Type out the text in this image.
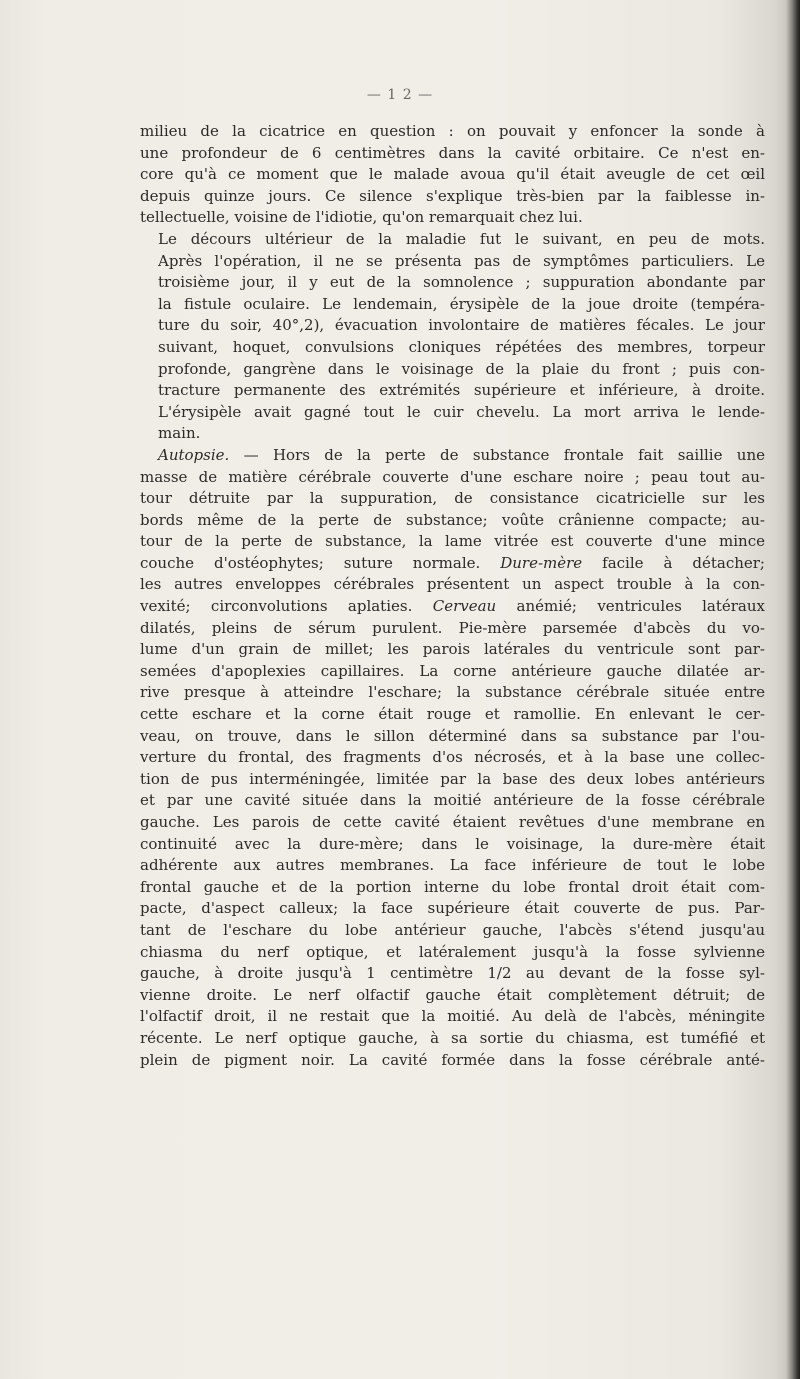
— 1 2 —

milieu de la cicatrice en question : on pouvait y enfoncer la sonde à
une profondeur de 6 centimètres dans la cavité orbitaire. Ce n'est en-
core qu'à ce moment que le malade avoua qu'il était aveugle de cet œil
depuis quinze jours. Ce silence s'explique très-bien par la faiblesse in-
tellectuelle, voisine de l'idiotie, qu'on remarquait chez lui.

Le décours ultérieur de la maladie fut le suivant, en peu de mots.
Après l'opération, il ne se présenta pas de symptômes particuliers. Le
troisième jour, il y eut de la somnolence ; suppuration abondante par
la fistule oculaire. Le lendemain, érysipèle de la joue droite (tempéra-
ture du soir, 40°,2), évacuation involontaire de matières fécales. Le jour
suivant, hoquet, convulsions cloniques répétées des membres, torpeur
profonde, gangrène dans le voisinage de la plaie du front ; puis con-
tracture permanente des extrémités supérieure et inférieure, à droite.
L'érysipèle avait gagné tout le cuir chevelu. La mort arriva le lende-
main.

Autopsie. — Hors de la perte de substance frontale fait saillie une
masse de matière cérébrale couverte d'une eschare noire ; peau tout au-
tour détruite par la suppuration, de consistance cicatricielle sur les
bords même de la perte de substance; voûte crânienne compacte; au-
tour de la perte de substance, la lame vitrée est couverte d'une mince
couche d'ostéophytes; suture normale. Dure-mère facile à détacher;
les autres enveloppes cérébrales présentent un aspect trouble à la con-
vexité; circonvolutions aplaties. Cerveau anémié; ventricules latéraux
dilatés, pleins de sérum purulent. Pie-mère parsemée d'abcès du vo-
lume d'un grain de millet; les parois latérales du ventricule sont par-
semées d'apoplexies capillaires. La corne antérieure gauche dilatée ar-
rive presque à atteindre l'eschare; la substance cérébrale située entre
cette eschare et la corne était rouge et ramollie. En enlevant le cer-
veau, on trouve, dans le sillon déterminé dans sa substance par l'ou-
verture du frontal, des fragments d'os nécrosés, et à la base une collec-
tion de pus interméningée, limitée par la base des deux lobes antérieurs
et par une cavité située dans la moitié antérieure de la fosse cérébrale
gauche. Les parois de cette cavité étaient revêtues d'une membrane en
continuité avec la dure-mère; dans le voisinage, la dure-mère était
adhérente aux autres membranes. La face inférieure de tout le lobe
frontal gauche et de la portion interne du lobe frontal droit était com-
pacte, d'aspect calleux; la face supérieure était couverte de pus. Par-
tant de l'eschare du lobe antérieur gauche, l'abcès s'étend jusqu'au
chiasma du nerf optique, et latéralement jusqu'à la fosse sylvienne
gauche, à droite jusqu'à 1 centimètre 1/2 au devant de la fosse syl-
vienne droite. Le nerf olfactif gauche était complètement détruit; de
l'olfactif droit, il ne restait que la moitié. Au delà de l'abcès, méningite
récente. Le nerf optique gauche, à sa sortie du chiasma, est tuméfié et
plein de pigment noir. La cavité formée dans la fosse cérébrale anté-
